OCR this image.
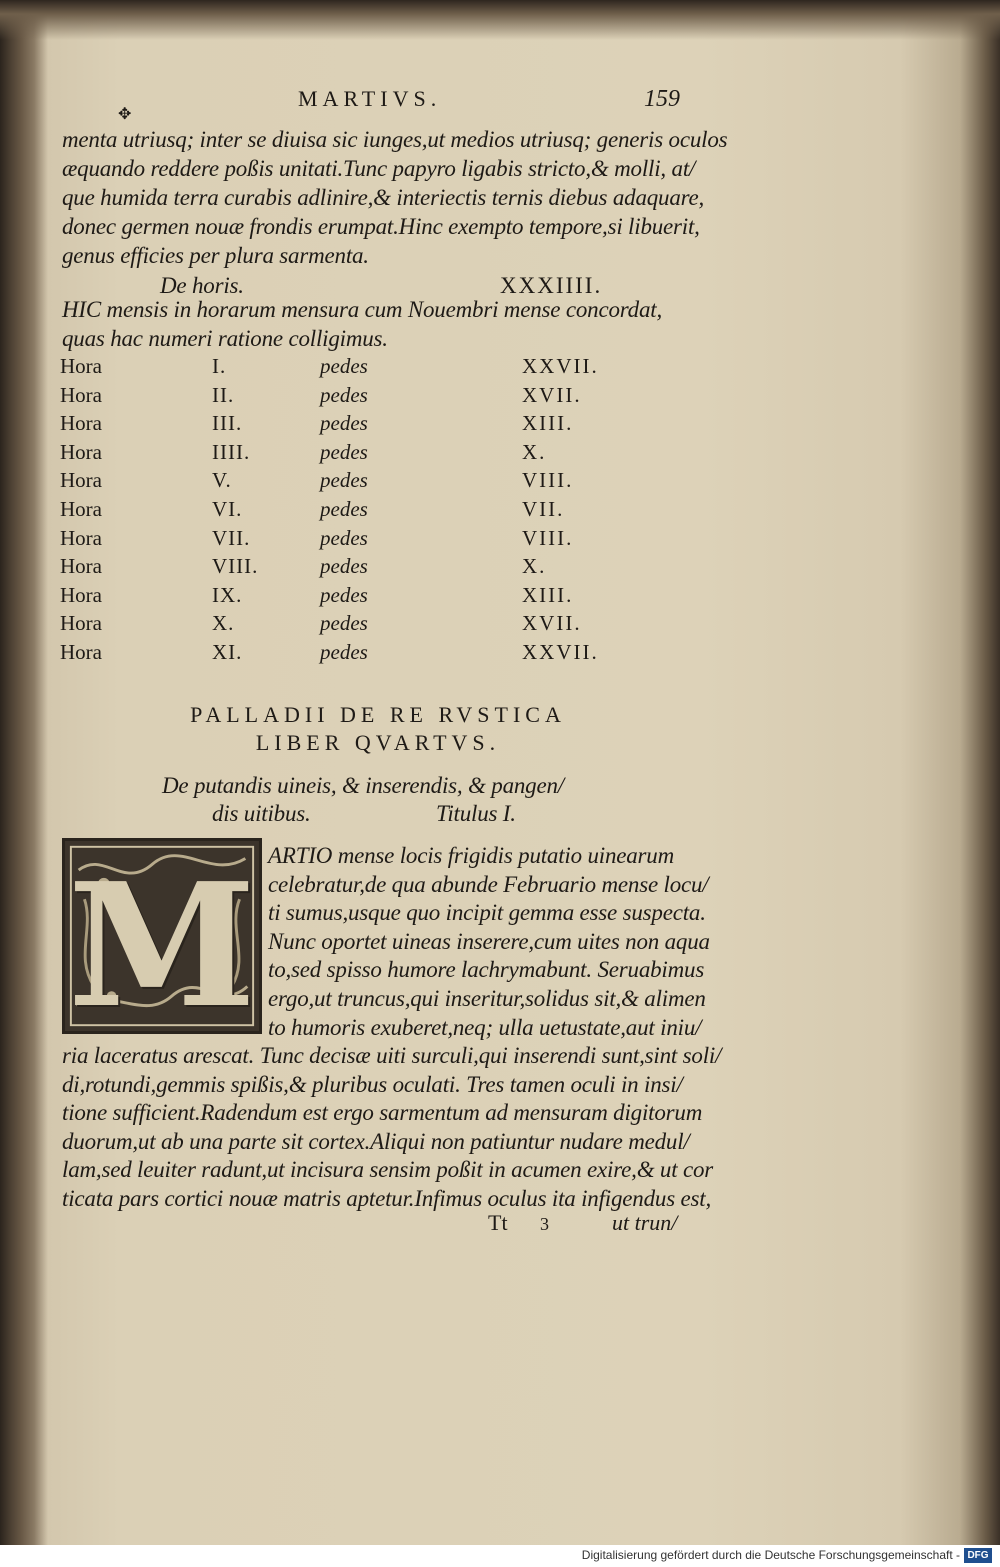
✥
MARTIVS.	159
menta utriusq; inter se diuisa sic iunges,ut medios utriusq; generis oculos
æquando reddere poßis unitati.Tunc papyro ligabis stricto,& molli, at/
que humida terra curabis adlinire,& interiectis ternis diebus adaquare,
donec germen nouæ frondis erumpat.Hinc exempto tempore,si libuerit,
genus efficies per plura sarmenta.
De horis.	XXXIIII.
HIC mensis in horarum mensura cum Nouembri mense concordat,
quas hac numeri ratione colligimus.
Hora	I.	pedes	XXVII.
Hora	II.	pedes	XVII.
Hora	III.	pedes	XIII.
Hora	IIII.	pedes	X.
Hora	V.	pedes	VIII.
Hora	VI.	pedes	VII.
Hora	VII.	pedes	VIII.
Hora	VIII.	pedes	X.
Hora	IX.	pedes	XIII.
Hora	X.	pedes	XVII.
Hora	XI.	pedes	XXVII.
PALLADII DE RE RVSTICA
LIBER QVARTVS.
De putandis uineis, & inserendis, & pangen/
dis uitibus.	Titulus I.
M ARTIO mense locis frigidis putatio uinearum
celebratur,de qua abunde Februario mense locu/
ti sumus,usque quo incipit gemma esse suspecta.
Nunc oportet uineas inserere,cum uites non aqua
to,sed spisso humore lachrymabunt. Seruabimus
ergo,ut truncus,qui inseritur,solidus sit,& alimen
to humoris exuberet,neq; ulla uetustate,aut iniu/
ria laceratus arescat. Tunc decisæ uiti surculi,qui inserendi sunt,sint soli/
di,rotundi,gemmis spißis,& pluribus oculati. Tres tamen oculi in insi/
tione sufficient.Radendum est ergo sarmentum ad mensuram digitorum
duorum,ut ab una parte sit cortex.Aliqui non patiuntur nudare medul/
lam,sed leuiter radunt,ut incisura sensim poßit in acumen exire,& ut cor
ticata pars cortici nouæ matris aptetur.Infimus oculus ita infigendus est,
Tt 3	ut trun/
Digitalisierung gefördert durch die Deutsche Forschungsgemeinschaft - DFG
